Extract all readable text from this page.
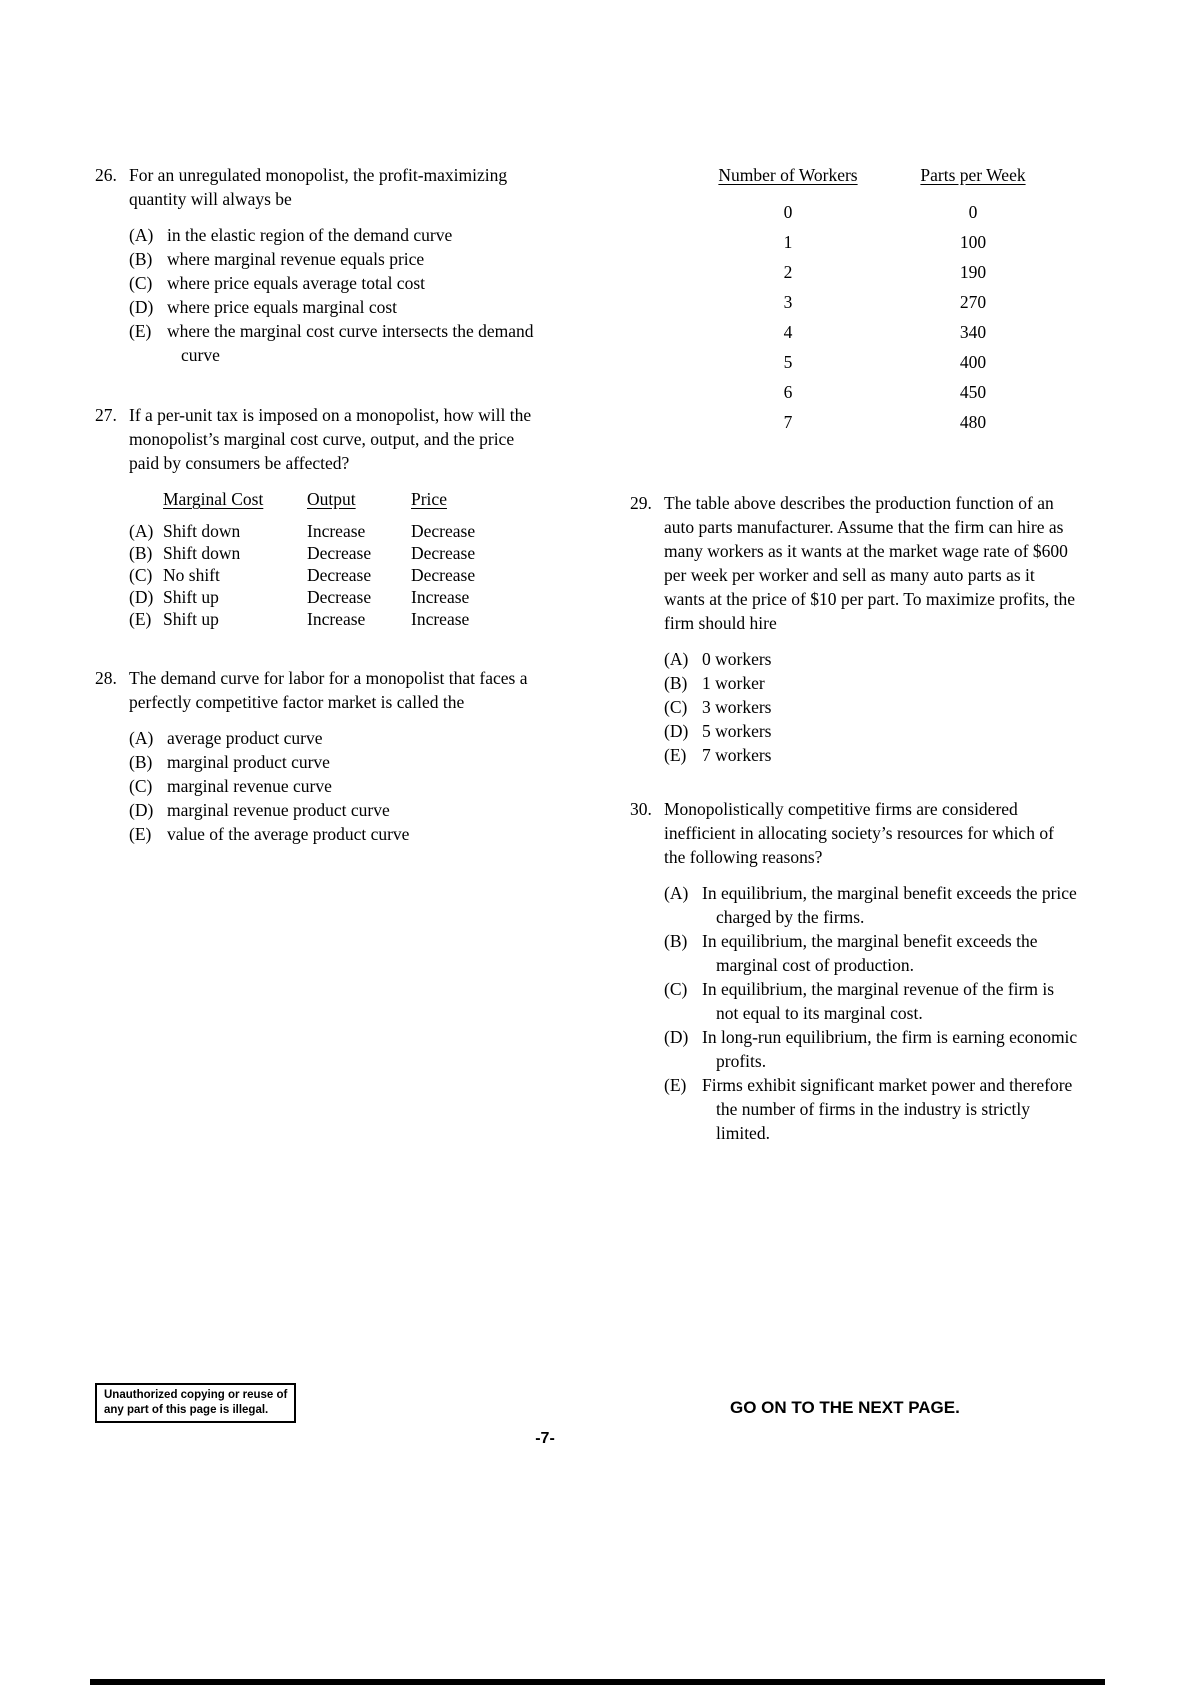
26. For an unregulated monopolist, the profit-maximizing quantity will always be
(A) in the elastic region of the demand curve
(B) where marginal revenue equals price
(C) where price equals average total cost
(D) where price equals marginal cost
(E) where the marginal cost curve intersects the demand curve
27. If a per-unit tax is imposed on a monopolist, how will the monopolist’s marginal cost curve, output, and the price paid by consumers be affected?
Marginal Cost	Output	Price
(A) Shift down	Increase	Decrease
(B) Shift down	Decrease	Decrease
(C) No shift	Decrease	Decrease
(D) Shift up	Decrease	Increase
(E) Shift up	Increase	Increase
28. The demand curve for labor for a monopolist that faces a perfectly competitive factor market is called the
(A) average product curve
(B) marginal product curve
(C) marginal revenue curve
(D) marginal revenue product curve
(E) value of the average product curve
Number of Workers	Parts per Week
0	0
1	100
2	190
3	270
4	340
5	400
6	450
7	480
29. The table above describes the production function of an auto parts manufacturer. Assume that the firm can hire as many workers as it wants at the market wage rate of $600 per week per worker and sell as many auto parts as it wants at the price of $10 per part. To maximize profits, the firm should hire
(A) 0 workers
(B) 1 worker
(C) 3 workers
(D) 5 workers
(E) 7 workers
30. Monopolistically competitive firms are considered inefficient in allocating society’s resources for which of the following reasons?
(A) In equilibrium, the marginal benefit exceeds the price charged by the firms.
(B) In equilibrium, the marginal benefit exceeds the marginal cost of production.
(C) In equilibrium, the marginal revenue of the firm is not equal to its marginal cost.
(D) In long-run equilibrium, the firm is earning economic profits.
(E) Firms exhibit significant market power and therefore the number of firms in the industry is strictly limited.
Unauthorized copying or reuse of
any part of this page is illegal.	GO ON TO THE NEXT PAGE.
-7-
